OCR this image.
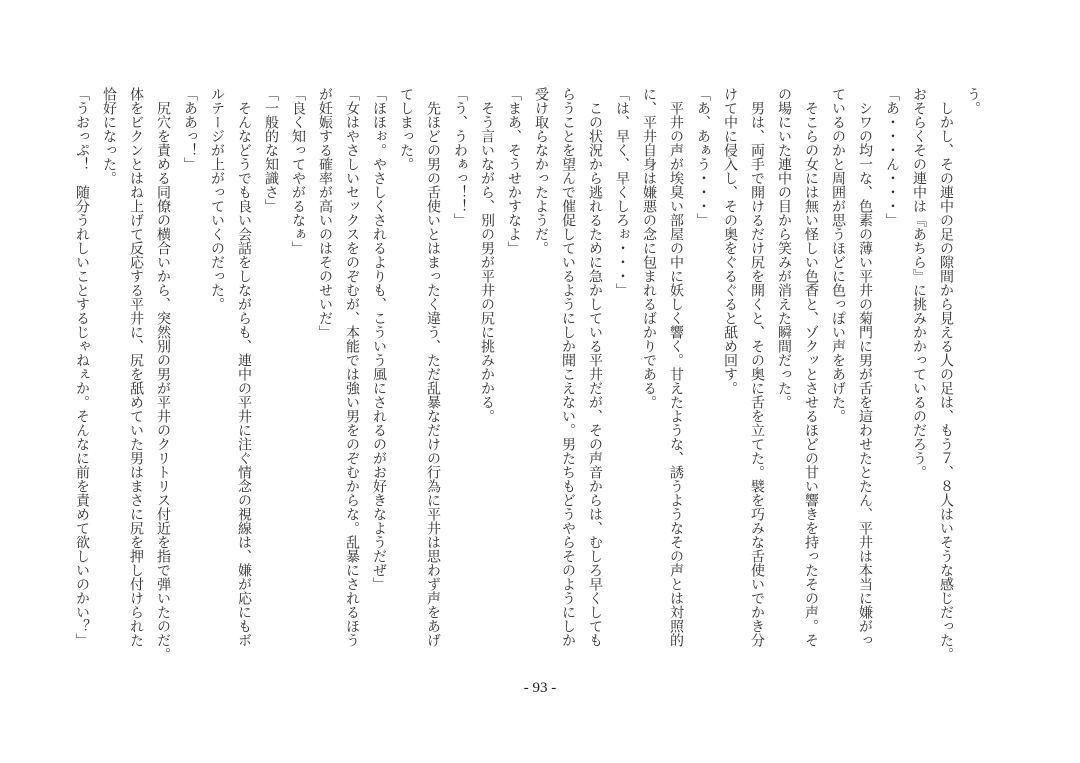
う。
　しかし、その連中の足の隙間から見える人の足は、もう７、８人はいそうな感じだった。
おそらくその連中は『あちら』に挑みかかっているのだろう。
「あ・・・ん・・・」
　シワの均一な、色素の薄い平井の菊門に男が舌を這わせたとたん、平井は本当に嫌がっ
ているのかと周囲が思うほどに色っぽい声をあげた。
　そこらの女には無い怪しい色香と、ゾクッとさせるほどの甘い響きを持ったその声。そ
の場にいた連中の目から笑みが消えた瞬間だった。
　男は、両手で開けるだけ尻を開くと、その奥に舌を立てた。襞を巧みな舌使いでかき分
けて中に侵入し、その奥をぐるぐると舐め回す。
「あ、あぁう・・・」
　平井の声が埃臭い部屋の中に妖しく響く。甘えたような、誘うようなその声とは対照的
に、平井自身は嫌悪の念に包まれるばかりである。
「は、早く、早くしろぉ・・・」
　この状況から逃れるために急かしている平井だが、その声音からは、むしろ早くしても
らうことを望んで催促しているようにしか聞こえない。男たちもどうやらそのようにしか
受け取らなかったようだ。
「まあ、そうせかすなよ」
　そう言いながら、別の男が平井の尻に挑みかかる。
「う、うわぁっ！！」
　先ほどの男の舌使いとはまったく違う、ただ乱暴なだけの行為に平井は思わず声をあげ
てしまった。
「ほほぉ。やさしくされるよりも、こういう風にされるのがお好きなようだぜ」
「女はやさしいセックスをのぞむが、本能では強い男をのぞむからな。乱暴にされるほう
が妊娠する確率が高いのはそのせいだ」
「良く知ってやがるなぁ」
「一般的な知識さ」
　そんなどうでも良い会話をしながらも、連中の平井に注ぐ情念の視線は、嫌が応にもボ
ルテージが上がっていくのだった。
「ああっ！」
　尻穴を責める同僚の横合いから、突然別の男が平井のクリトリス付近を指で弾いたのだ。
体をビクンとはね上げて反応する平井に、尻を舐めていた男はまさに尻を押し付けられた
恰好になった。
「うおっぷ！　随分うれしいことするじゃねぇか。そんなに前を責めて欲しいのかい？」
- 93 -
